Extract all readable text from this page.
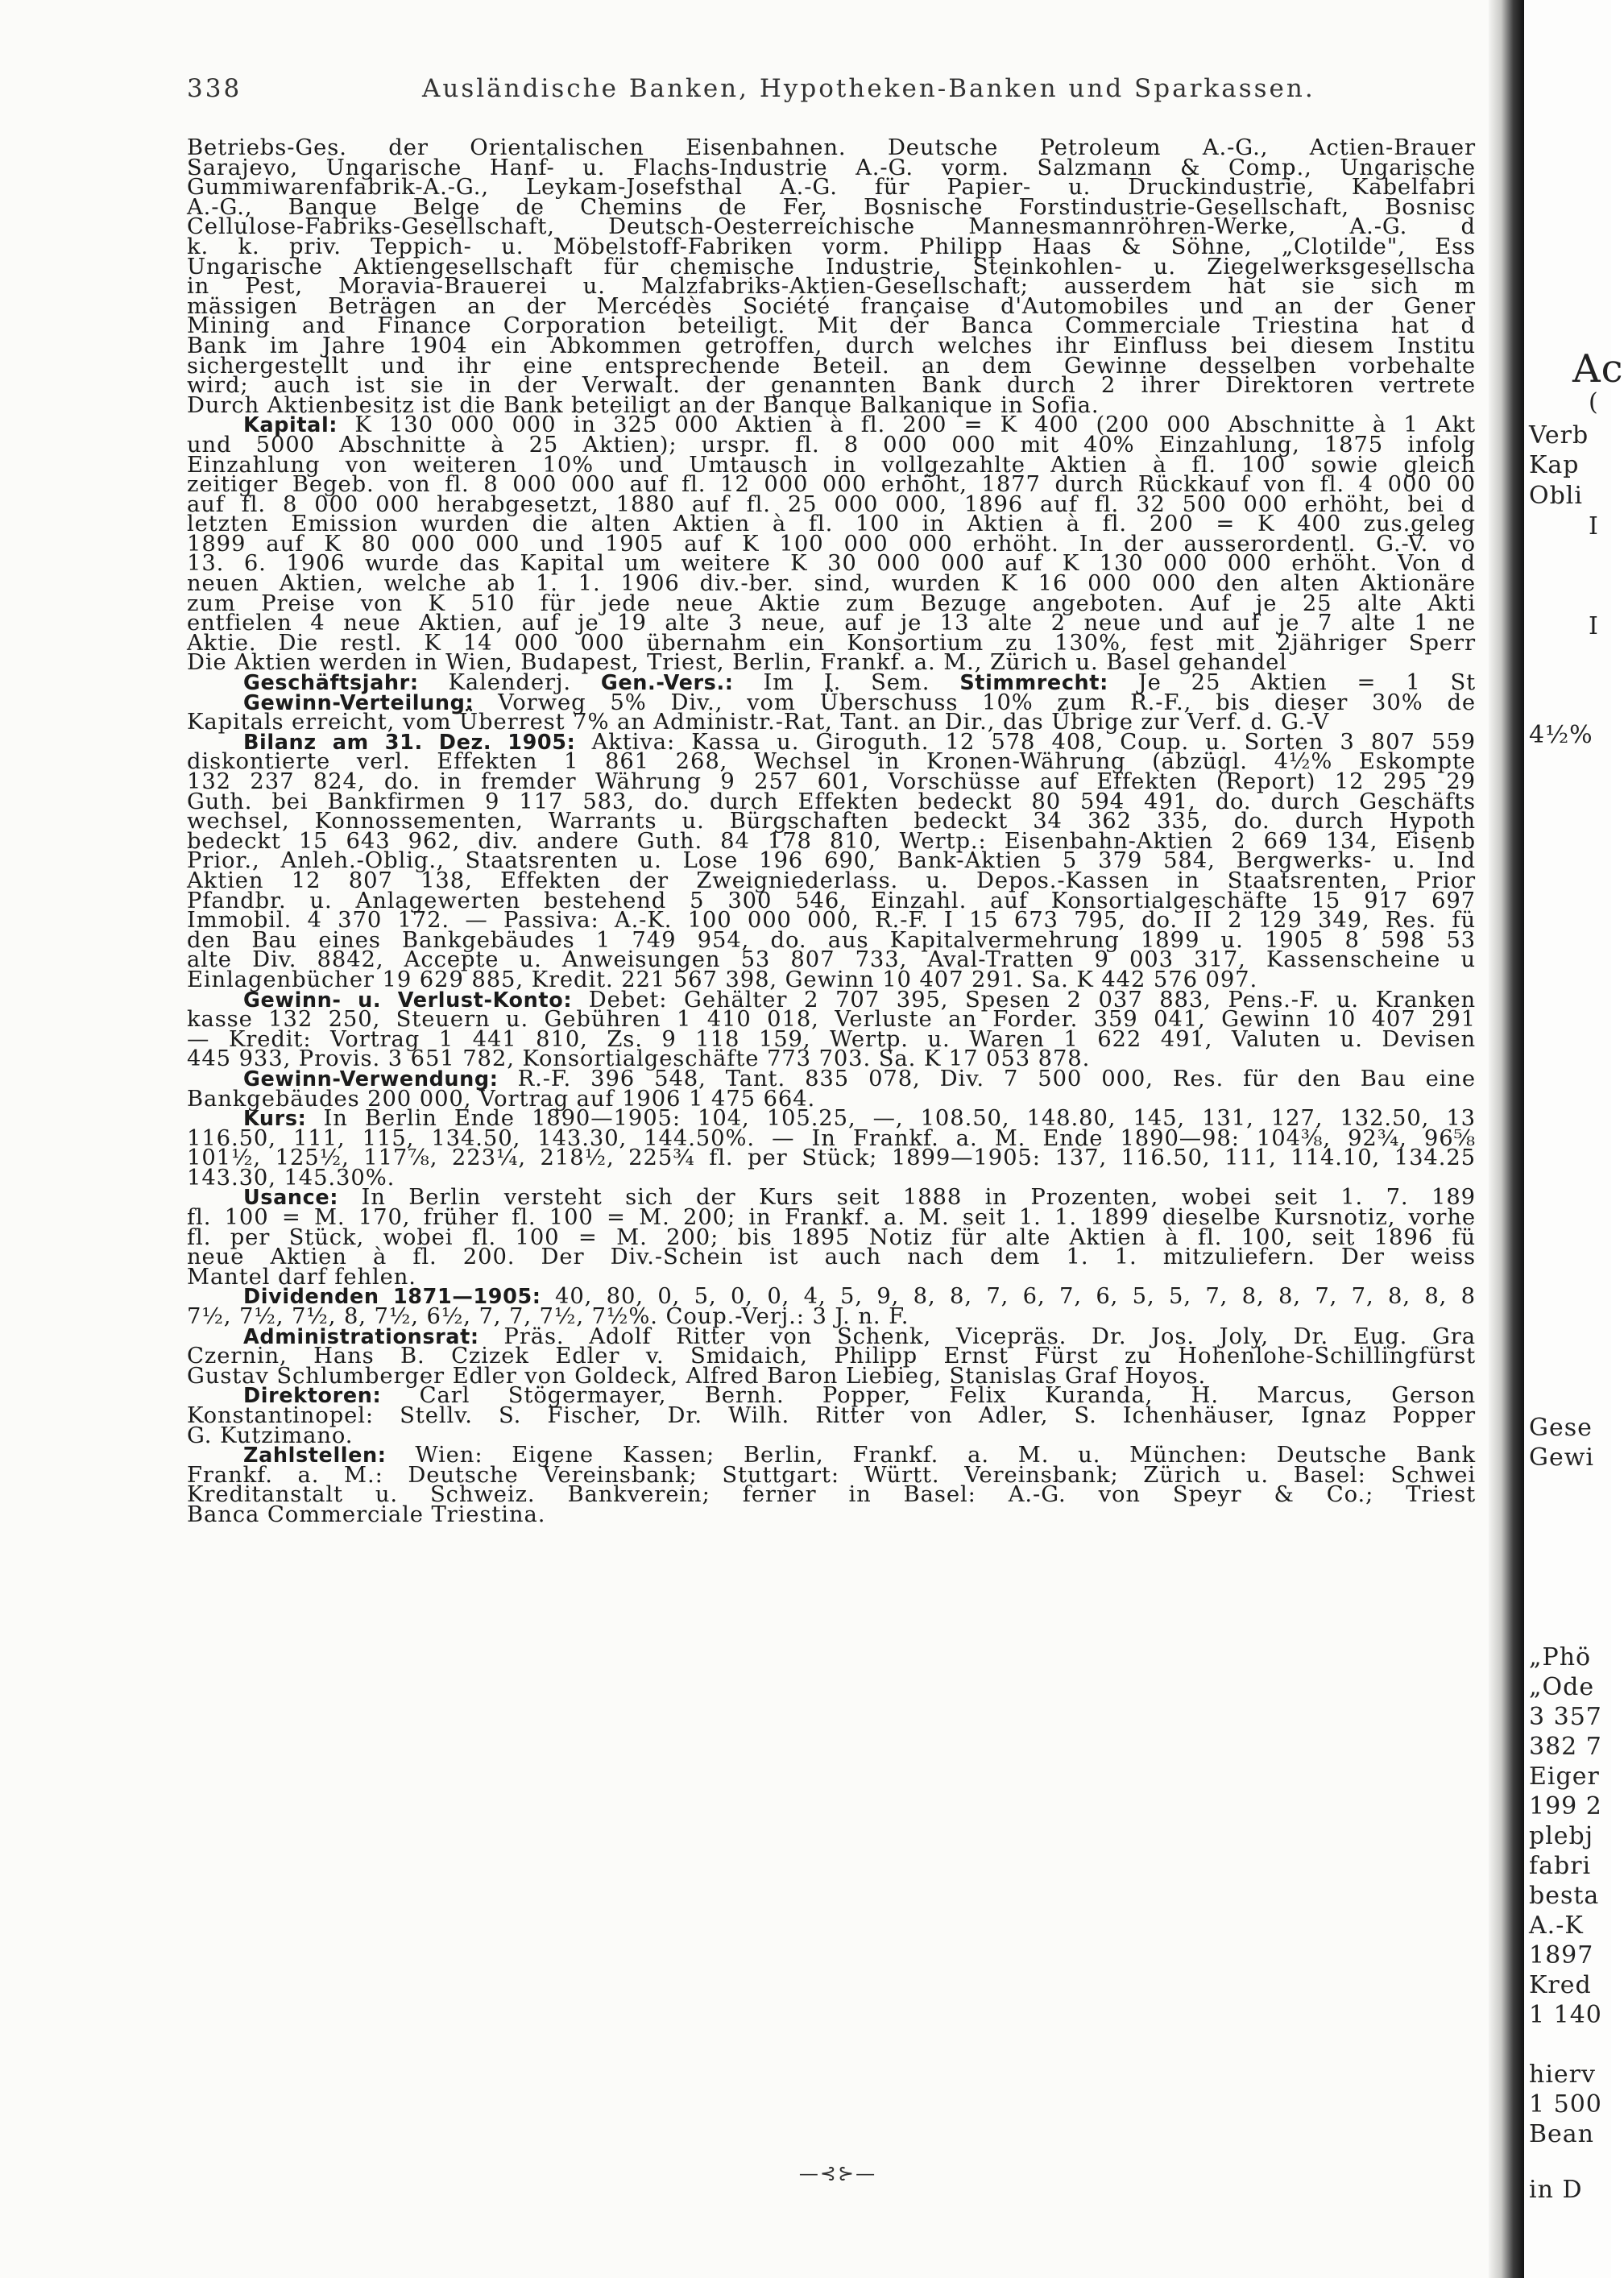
338	Ausländische Banken, Hypotheken-Banken und Sparkassen.
Betriebs-Ges. der Orientalischen Eisenbahnen. Deutsche Petroleum A.-G., Actien-Brauer
Sarajevo, Ungarische Hanf- u. Flachs-Industrie A.-G. vorm. Salzmann & Comp., Ungarische
Gummiwarenfabrik-A.-G., Leykam-Josefsthal A.-G. für Papier- u. Druckindustrie, Kabelfabri
A.-G., Banque Belge de Chemins de Fer, Bosnische Forstindustrie-Gesellschaft, Bosnisc
Cellulose-Fabriks-Gesellschaft, Deutsch-Oesterreichische Mannesmannröhren-Werke, A.-G. d
k. k. priv. Teppich- u. Möbelstoff-Fabriken vorm. Philipp Haas & Söhne, „Clotilde", Ess
Ungarische Aktiengesellschaft für chemische Industrie, Steinkohlen- u. Ziegelwerksgesellscha
in Pest, Moravia-Brauerei u. Malzfabriks-Aktien-Gesellschaft; ausserdem hat sie sich m
mässigen Beträgen an der Mercédès Société française d'Automobiles und an der Gener
Mining and Finance Corporation beteiligt. Mit der Banca Commerciale Triestina hat d
Bank im Jahre 1904 ein Abkommen getroffen, durch welches ihr Einfluss bei diesem Institu
sichergestellt und ihr eine entsprechende Beteil. an dem Gewinne desselben vorbehalte
wird; auch ist sie in der Verwalt. der genannten Bank durch 2 ihrer Direktoren vertrete
Durch Aktienbesitz ist die Bank beteiligt an der Banque Balkanique in Sofia.
Kapital: K 130 000 000 in 325 000 Aktien à fl. 200 = K 400 (200 000 Abschnitte à 1 Akt
und 5000 Abschnitte à 25 Aktien); urspr. fl. 8 000 000 mit 40% Einzahlung, 1875 infolg
Einzahlung von weiteren 10% und Umtausch in vollgezahlte Aktien à fl. 100 sowie gleich
zeitiger Begeb. von fl. 8 000 000 auf fl. 12 000 000 erhöht, 1877 durch Rückkauf von fl. 4 000 00
auf fl. 8 000 000 herabgesetzt, 1880 auf fl. 25 000 000, 1896 auf fl. 32 500 000 erhöht, bei d
letzten Emission wurden die alten Aktien à fl. 100 in Aktien à fl. 200 = K 400 zus.geleg
1899 auf K 80 000 000 und 1905 auf K 100 000 000 erhöht. In der ausserordentl. G.-V. vo
13. 6. 1906 wurde das Kapital um weitere K 30 000 000 auf K 130 000 000 erhöht. Von d
neuen Aktien, welche ab 1. 1. 1906 div.-ber. sind, wurden K 16 000 000 den alten Aktionäre
zum Preise von K 510 für jede neue Aktie zum Bezuge angeboten. Auf je 25 alte Akti
entfielen 4 neue Aktien, auf je 19 alte 3 neue, auf je 13 alte 2 neue und auf je 7 alte 1 ne
Aktie. Die restl. K 14 000 000 übernahm ein Konsortium zu 130%, fest mit 2jähriger Sperr
Die Aktien werden in Wien, Budapest, Triest, Berlin, Frankf. a. M., Zürich u. Basel gehandel
Geschäftsjahr: Kalenderj. Gen.-Vers.: Im I. Sem. Stimmrecht: Je 25 Aktien = 1 St
Gewinn-Verteilung: Vorweg 5% Div., vom Überschuss 10% zum R.-F., bis dieser 30% de
Kapitals erreicht, vom Überrest 7% an Administr.-Rat, Tant. an Dir., das Übrige zur Verf. d. G.-V
Bilanz am 31. Dez. 1905: Aktiva: Kassa u. Giroguth. 12 578 408, Coup. u. Sorten 3 807 559
diskontierte verl. Effekten 1 861 268, Wechsel in Kronen-Währung (abzügl. 4½% Eskompte
132 237 824, do. in fremder Währung 9 257 601, Vorschüsse auf Effekten (Report) 12 295 29
Guth. bei Bankfirmen 9 117 583, do. durch Effekten bedeckt 80 594 491, do. durch Geschäfts
wechsel, Konnossementen, Warrants u. Bürgschaften bedeckt 34 362 335, do. durch Hypoth
bedeckt 15 643 962, div. andere Guth. 84 178 810, Wertp.: Eisenbahn-Aktien 2 669 134, Eisenb
Prior., Anleh.-Oblig., Staatsrenten u. Lose 196 690, Bank-Aktien 5 379 584, Bergwerks- u. Ind
Aktien 12 807 138, Effekten der Zweigniederlass. u. Depos.-Kassen in Staatsrenten, Prior
Pfandbr. u. Anlagewerten bestehend 5 300 546, Einzahl. auf Konsortialgeschäfte 15 917 697
Immobil. 4 370 172. — Passiva: A.-K. 100 000 000, R.-F. I 15 673 795, do. II 2 129 349, Res. fü
den Bau eines Bankgebäudes 1 749 954, do. aus Kapitalvermehrung 1899 u. 1905 8 598 53
alte Div. 8842, Accepte u. Anweisungen 53 807 733, Aval-Tratten 9 003 317, Kassenscheine u
Einlagenbücher 19 629 885, Kredit. 221 567 398, Gewinn 10 407 291. Sa. K 442 576 097.
Gewinn- u. Verlust-Konto: Debet: Gehälter 2 707 395, Spesen 2 037 883, Pens.-F. u. Kranken
kasse 132 250, Steuern u. Gebühren 1 410 018, Verluste an Forder. 359 041, Gewinn 10 407 291
— Kredit: Vortrag 1 441 810, Zs. 9 118 159, Wertp. u. Waren 1 622 491, Valuten u. Devisen
445 933, Provis. 3 651 782, Konsortialgeschäfte 773 703. Sa. K 17 053 878.
Gewinn-Verwendung: R.-F. 396 548, Tant. 835 078, Div. 7 500 000, Res. für den Bau eine
Bankgebäudes 200 000, Vortrag auf 1906 1 475 664.
Kurs: In Berlin Ende 1890—1905: 104, 105.25, —, 108.50, 148.80, 145, 131, 127, 132.50, 13
116.50, 111, 115, 134.50, 143.30, 144.50%. — In Frankf. a. M. Ende 1890—98: 104⅜, 92¾, 96⅝
101½, 125½, 117⅞, 223¼, 218½, 225¾ fl. per Stück; 1899—1905: 137, 116.50, 111, 114.10, 134.25
143.30, 145.30%.
Usance: In Berlin versteht sich der Kurs seit 1888 in Prozenten, wobei seit 1. 7. 189
fl. 100 = M. 170, früher fl. 100 = M. 200; in Frankf. a. M. seit 1. 1. 1899 dieselbe Kursnotiz, vorhe
fl. per Stück, wobei fl. 100 = M. 200; bis 1895 Notiz für alte Aktien à fl. 100, seit 1896 fü
neue Aktien à fl. 200. Der Div.-Schein ist auch nach dem 1. 1. mitzuliefern. Der weiss
Mantel darf fehlen.
Dividenden 1871—1905: 40, 80, 0, 5, 0, 0, 4, 5, 9, 8, 8, 7, 6, 7, 6, 5, 5, 7, 8, 8, 7, 7, 8, 8, 8
7½, 7½, 7½, 8, 7½, 6½, 7, 7, 7½, 7½%. Coup.-Verj.: 3 J. n. F.
Administrationsrat: Präs. Adolf Ritter von Schenk, Vicepräs. Dr. Jos. Joly, Dr. Eug. Gra
Czernin, Hans B. Czizek Edler v. Smidaich, Philipp Ernst Fürst zu Hohenlohe-Schillingfürst
Gustav Schlumberger Edler von Goldeck, Alfred Baron Liebieg, Stanislas Graf Hoyos.
Direktoren: Carl Stögermayer, Bernh. Popper, Felix Kuranda, H. Marcus, Gerson
Konstantinopel: Stellv. S. Fischer, Dr. Wilh. Ritter von Adler, S. Ichenhäuser, Ignaz Popper
G. Kutzimano.
Zahlstellen: Wien: Eigene Kassen; Berlin, Frankf. a. M. u. München: Deutsche Bank
Frankf. a. M.: Deutsche Vereinsbank; Stuttgart: Württ. Vereinsbank; Zürich u. Basel: Schwei
Kreditanstalt u. Schweiz. Bankverein; ferner in Basel: A.-G. von Speyr & Co.; Triest
Banca Commerciale Triestina.
—⊰⊱—
Ac
(
Verb
Kap
Obli
I
I
4½%
Gese
Gewi
„Phö
„Ode
3 357
382 7
Eiger
199 2
plebj
fabri
besta
A.-K
1897
Kred
1 140
hierv
1 500
Bean
in D
